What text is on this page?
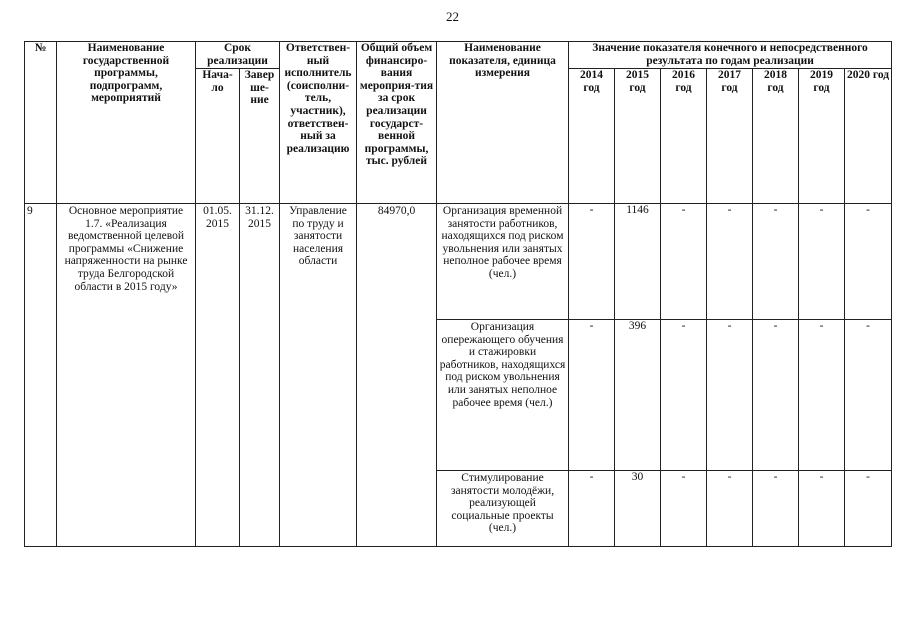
22
№	Наименование государственной программы, подпрограмм, мероприятий	Срок реализации		Ответствен-ный исполнитель (соисполни-тель, участник), ответствен-ный за реализацию	Общий объем финансиро-вания мероприя-тия за срок реализации государст-венной программы, тыс. рублей	Наименование показателя, единица измерения	Значение показателя конечного и непосредственного результата по годам реализации						
		Нача-ло	Завер ше-ние				2014 год	2015 год	2016 год	2017 год	2018 год	2019 год	2020 год
9	Основное мероприятие 1.7. «Реализация ведомственной целевой программы «Снижение напряженности на рынке труда Белгородской области в 2015 году»	01.05. 2015	31.12. 2015	Управление по труду и занятости населения области	84970,0	Организация временной занятости работников, находящихся под риском увольнения или занятых неполное рабочее время (чел.)	-	1146	-	-	-	-	-
						Организация опережающего обучения и стажировки работников, находящихся под риском увольнения или занятых неполное рабочее время (чел.)	-	396	-	-	-	-	-
						Стимулирование занятости молодёжи, реализующей социальные проекты (чел.)	-	30	-	-	-	-	-
